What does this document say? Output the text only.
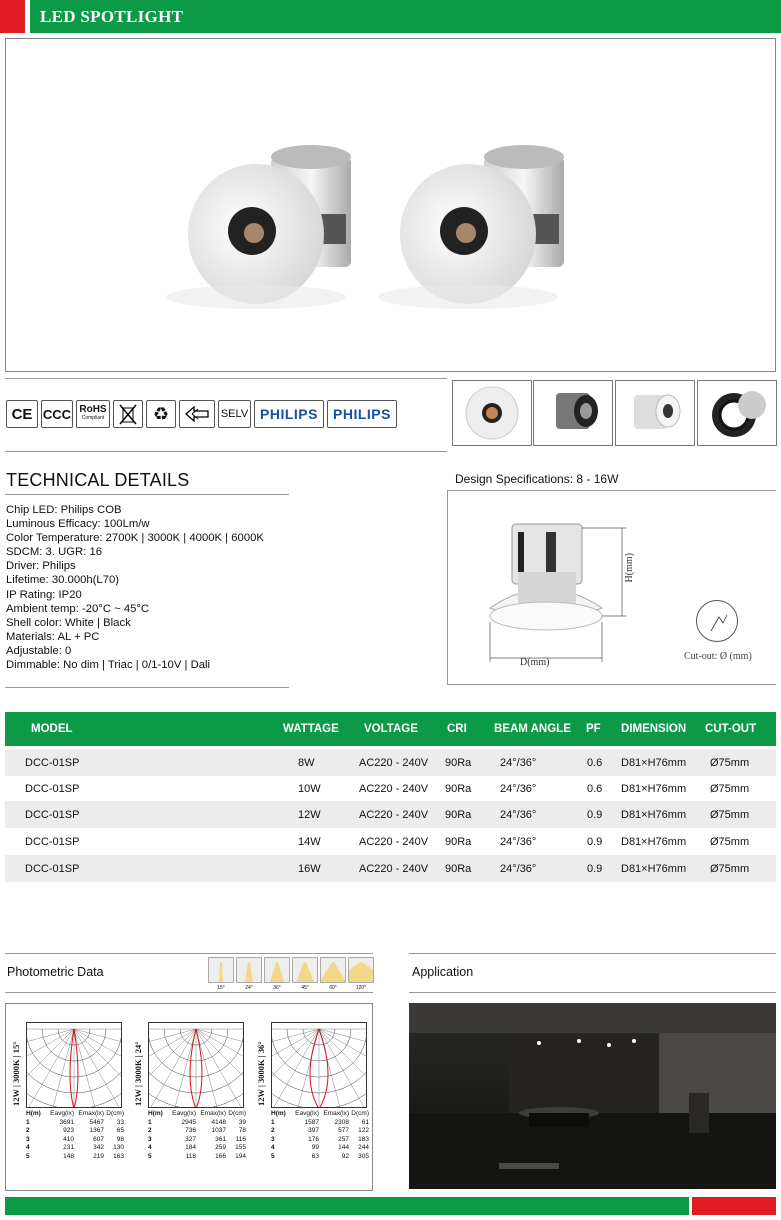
LED SPOTLIGHT
CE CCC RoHS
Compliant	♻	SELV PHILIPS	PHILIPS
TECHNICAL DETAILS
Chip LED: Philips COB
Luminous Efficacy: 100Lm/w
Color Temperature: 2700K | 3000K | 4000K | 6000K
SDCM: 3. UGR: 16
Driver: Philips
Lifetime: 30.000h(L70)
IP Rating: IP20
Ambient temp: -20°C ~ 45°C
Shell color: White | Black
Materials: AL + PC
Adjustable: 0
Dimmable: No dim | Triac | 0/1-10V | Dali
Design Specifications: 8 - 16W
D(mm)
H(mm)
Cut-out: Ø (mm)
MODEL	WATTAGE VOLTAGE	CRI BEAM ANGLE PF DIMENSION CUT-OUT
DCC-01SP	8W	AC220 - 240V 90Ra	24°/36°	0.6 D81×H76mm Ø75mm
DCC-01SP	10W	AC220 - 240V 90Ra	24°/36°	0.6 D81×H76mm Ø75mm
DCC-01SP	12W	AC220 - 240V 90Ra	24°/36°	0.9 D81×H76mm Ø75mm
DCC-01SP	14W	AC220 - 240V 90Ra	24°/36°	0.9 D81×H76mm Ø75mm
DCC-01SP	16W	AC220 - 240V 90Ra	24°/36°	0.9 D81×H76mm Ø75mm
Photometric Data
15°	24°	36°	45°	60°	120°
12W | 3000K | 15°
H(m)	Eavg(lx) Emax(lx) D(cm)
1	3691	5467	33
2	923	1367	65
3	410	607	98
4	231	342	130
5	148	219	163
12W | 3000K | 24°
H(m)	Eavg(lx) Emax(lx) D(cm)
1	2945	4148	39
2	736	1037	78
3	327	361	116
4	184	259	155
5	118	166	194
12W | 3000K | 36°
H(m)	Eavg(lx) Emax(lx) D(cm)
1	1587	2308	61
2	397	577	122
3	176	257	183
4	99	144	244
5	63	92	305
Application
